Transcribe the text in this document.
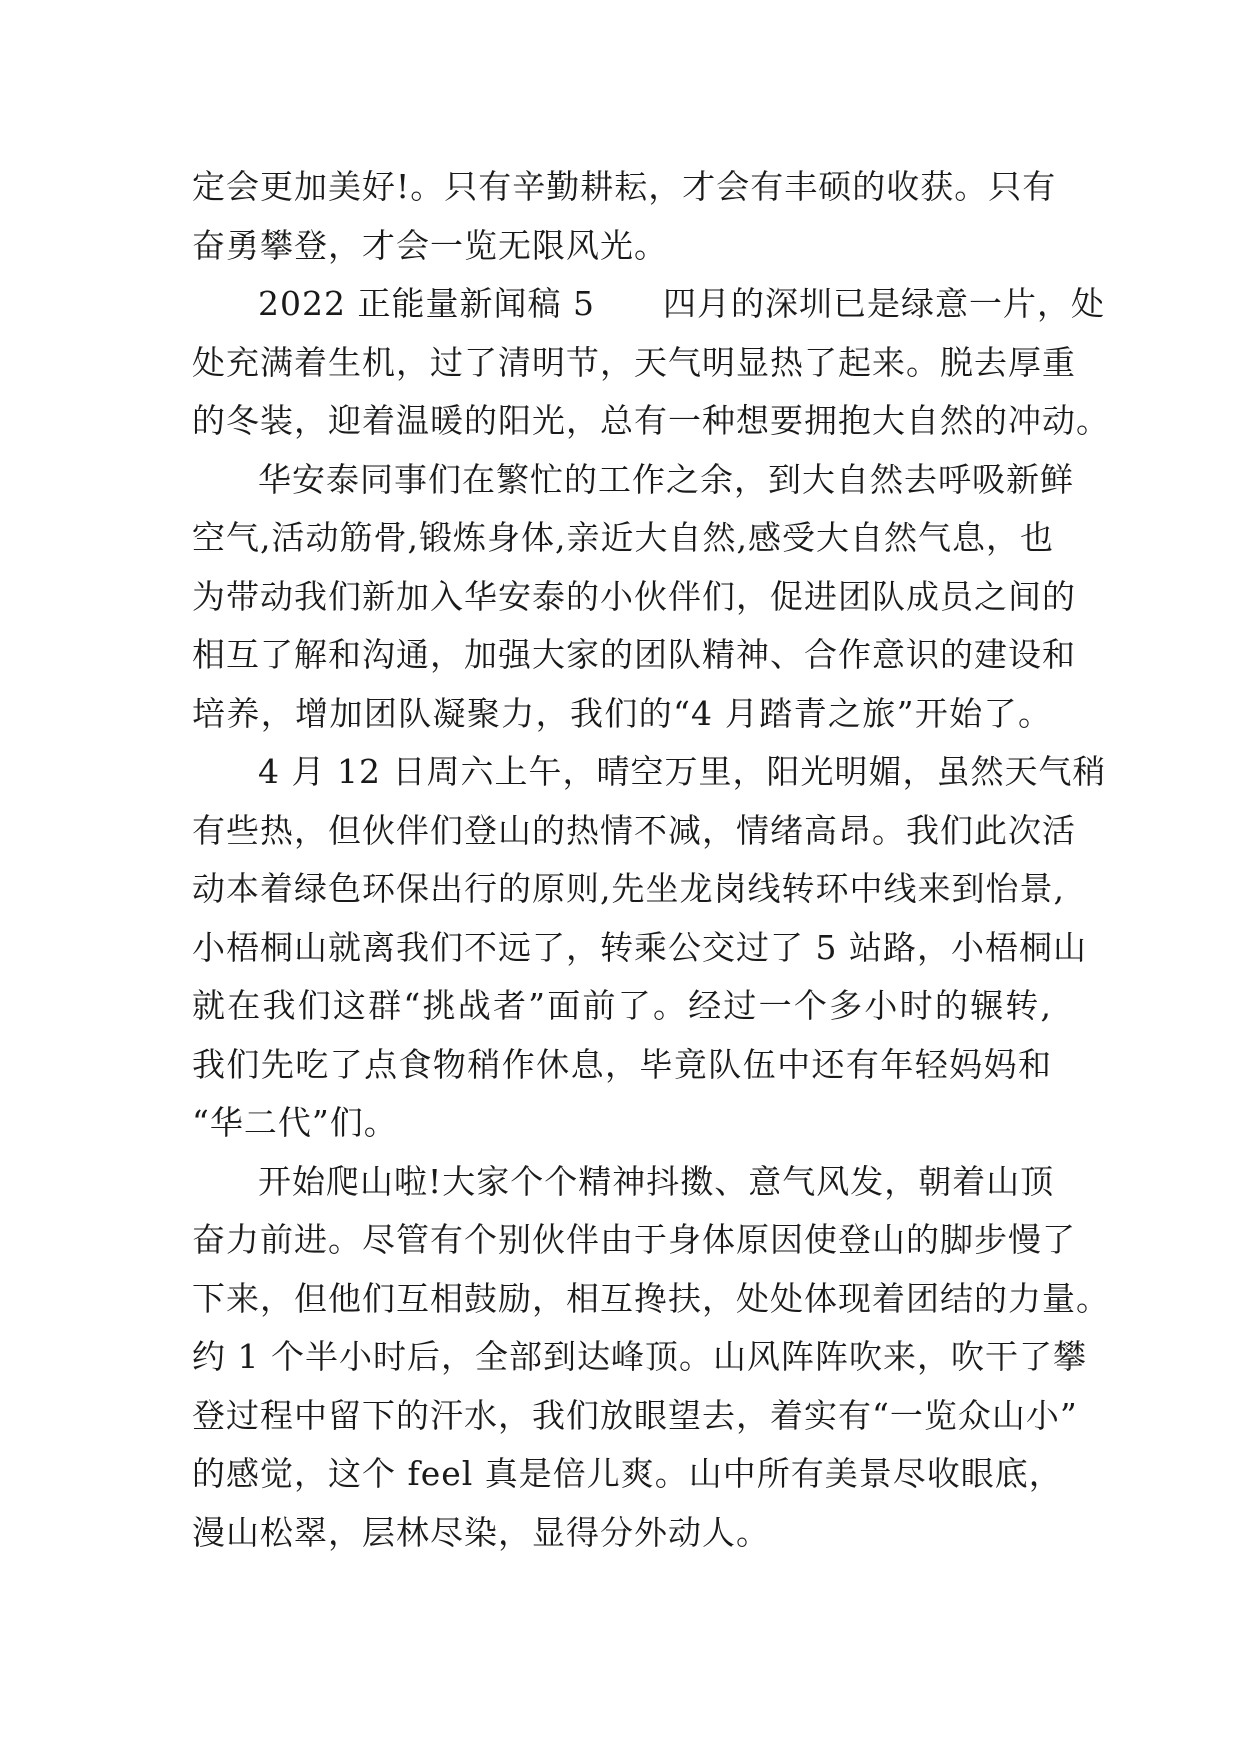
定会更加美好!。只有辛勤耕耘，才会有丰硕的收获。只有
奋勇攀登，才会一览无限风光。
2022 正能量新闻稿 5　　四月的深圳已是绿意一片，处
处充满着生机，过了清明节，天气明显热了起来。脱去厚重
的冬装，迎着温暖的阳光，总有一种想要拥抱大自然的冲动。
华安泰同事们在繁忙的工作之余，到大自然去呼吸新鲜
空气,活动筋骨,锻炼身体,亲近大自然,感受大自然气息，也
为带动我们新加入华安泰的小伙伴们，促进团队成员之间的
相互了解和沟通，加强大家的团队精神、合作意识的建设和
培养，增加团队凝聚力，我们的“4 月踏青之旅”开始了。
4 月 12 日周六上午，晴空万里，阳光明媚，虽然天气稍
有些热，但伙伴们登山的热情不减，情绪高昂。我们此次活
动本着绿色环保出行的原则,先坐龙岗线转环中线来到怡景,
小梧桐山就离我们不远了，转乘公交过了 5 站路，小梧桐山
就在我们这群“挑战者”面前了。经过一个多小时的辗转,
我们先吃了点食物稍作休息，毕竟队伍中还有年轻妈妈和
“华二代”们。
开始爬山啦!大家个个精神抖擞、意气风发，朝着山顶
奋力前进。尽管有个别伙伴由于身体原因使登山的脚步慢了
下来，但他们互相鼓励，相互搀扶，处处体现着团结的力量。
约 1 个半小时后，全部到达峰顶。山风阵阵吹来，吹干了攀
登过程中留下的汗水，我们放眼望去，着实有“一览众山小”
的感觉，这个 feel 真是倍儿爽。山中所有美景尽收眼底，
漫山松翠，层林尽染，显得分外动人。
